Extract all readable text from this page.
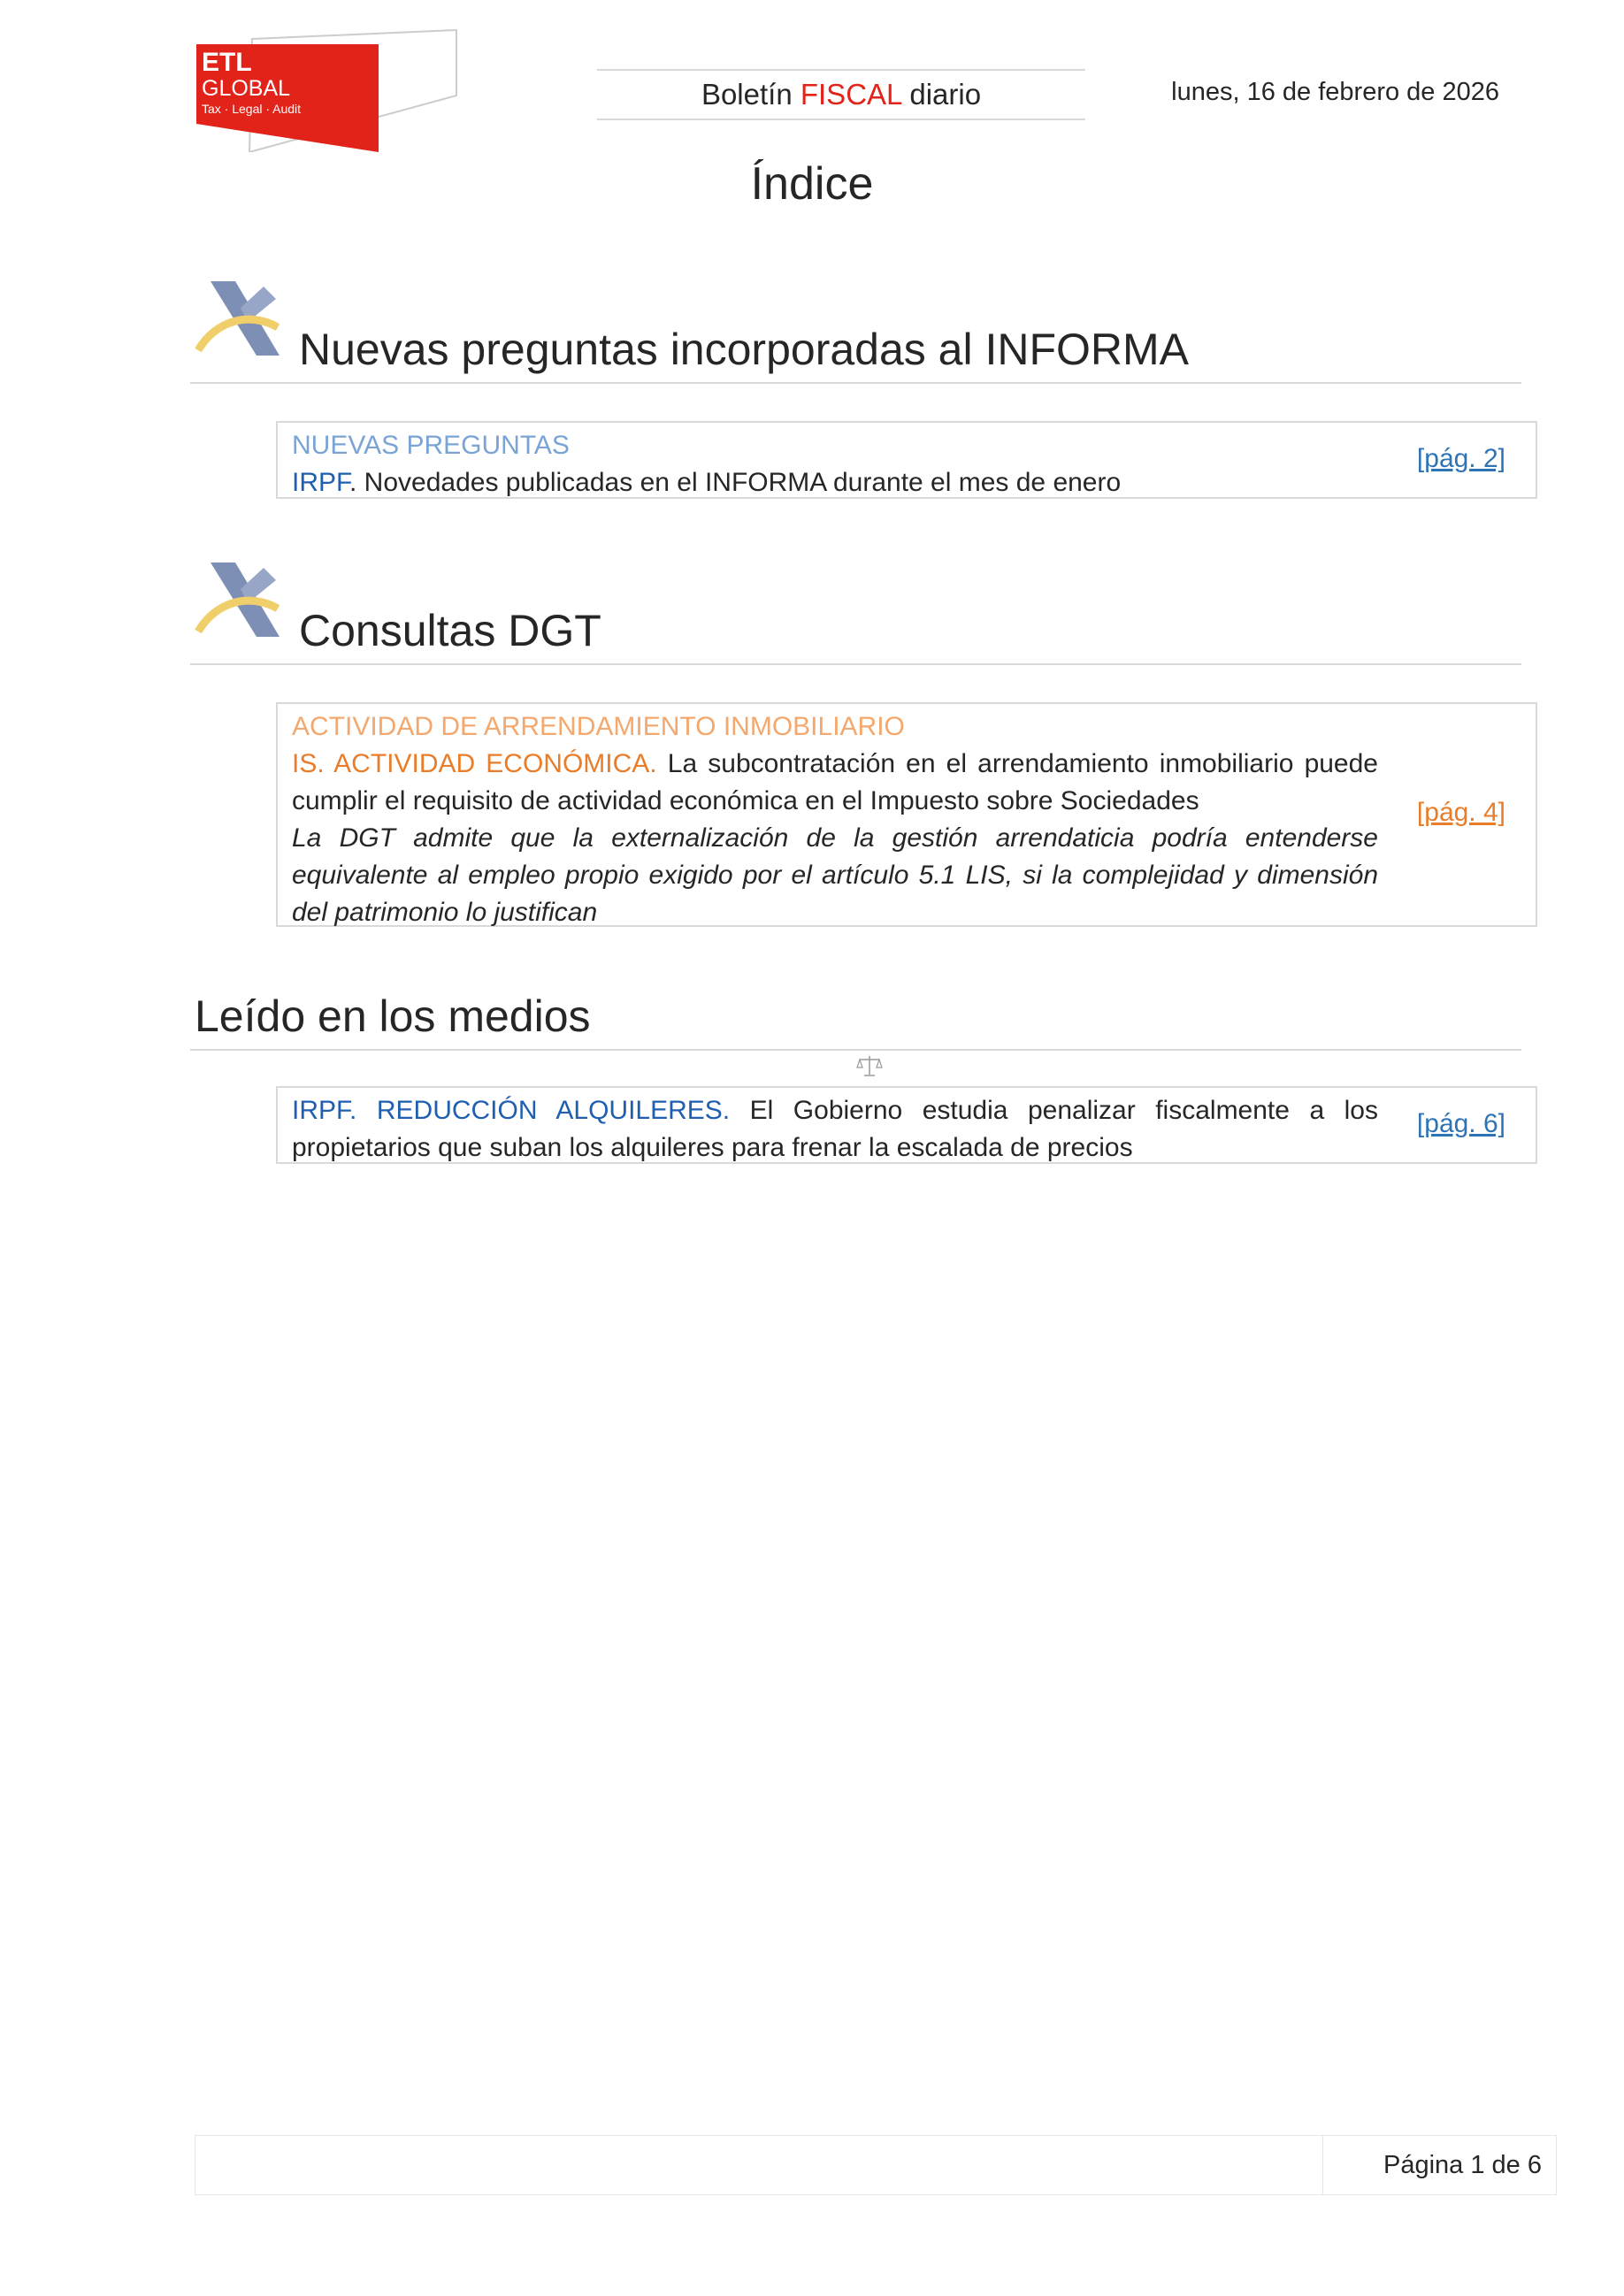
ETL
GLOBAL
Tax · Legal · Audit	Boletín FISCAL diario	lunes, 16 de febrero de 2026
Índice
Nuevas preguntas incorporadas al INFORMA
NUEVAS PREGUNTAS
IRPF. Novedades publicadas en el INFORMA durante el mes de enero
[pág. 2]
Consultas DGT
ACTIVIDAD DE ARRENDAMIENTO INMOBILIARIO
IS. ACTIVIDAD ECONÓMICA. La subcontratación en el arrendamiento inmobiliario puede cumplir el requisito de actividad económica en el Impuesto sobre Sociedades
La DGT admite que la externalización de la gestión arrendaticia podría entenderse equivalente al empleo propio exigido por el artículo 5.1 LIS, si la complejidad y dimensión del patrimonio lo justifican
[pág. 4]
Leído en los medios
IRPF. REDUCCIÓN ALQUILERES. El Gobierno estudia penalizar fiscalmente a los propietarios que suban los alquileres para frenar la escalada de precios
[pág. 6]
Página 1 de 6
